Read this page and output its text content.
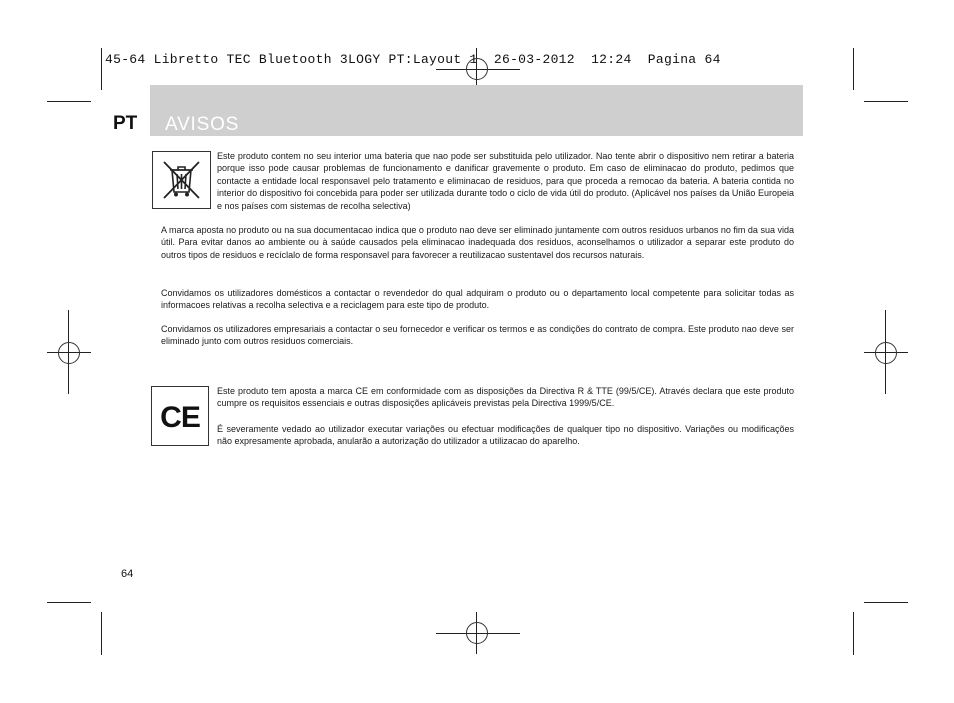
45-64 Libretto TEC Bluetooth 3LOGY PT:Layout 1  26-03-2012  12:24  Pagina 64
PT AVISOS
Este produto contem no seu interior uma bateria que nao pode ser substituida pelo utilizador. Nao tente abrir o dispositivo nem retirar a bateria porque isso pode causar problemas de funcionamento e danificar gravemente o produto. Em caso de eliminacao do produto, pedimos que contacte a entidade local responsavel pelo tratamento e eliminacao de residuos, para que proceda a remocao da bateria. A bateria contida no interior do dispositivo foi concebida para poder ser utilizada durante todo o ciclo de vida útil do produto. (Aplicável nos países da União Europeia e nos países com sistemas de recolha selectiva)
A marca aposta no produto ou na sua documentacao indica que o produto nao deve ser eliminado juntamente com outros residuos urbanos no fim da sua vida útil. Para evitar danos ao ambiente ou à saúde causados pela eliminacao inadequada dos residuos, aconselhamos o utilizador a separar este produto do outros tipos de residuos e recíclalo de forma responsavel para favorecer a reutilizacao sustentavel dos recursos naturais.
Convidamos os utilizadores domésticos a contactar o revendedor do qual adquiram o produto ou o departamento local competente para solicitar todas as informacoes relativas a recolha selectiva e a reciclagem para este tipo de produto.
Convidamos os utilizadores empresariais a contactar o seu fornecedor e verificar os termos e as condições do contrato de compra. Este produto nao deve ser eliminado junto com outros residuos comerciais.
CE
Este produto tem aposta a marca CE em conformidade com as disposições da Directiva R & TTE (99/5/CE). Através declara que este produto cumpre os requisitos essenciais e outras disposições aplicáveis previstas pela Directiva 1999/5/CE.
É severamente vedado ao utilizador executar variações ou efectuar modificações de qualquer tipo no dispositivo. Variações ou modificações não expresamente aprobada, anularão a autorização do utilizador a utilizacao do aparelho.
64
